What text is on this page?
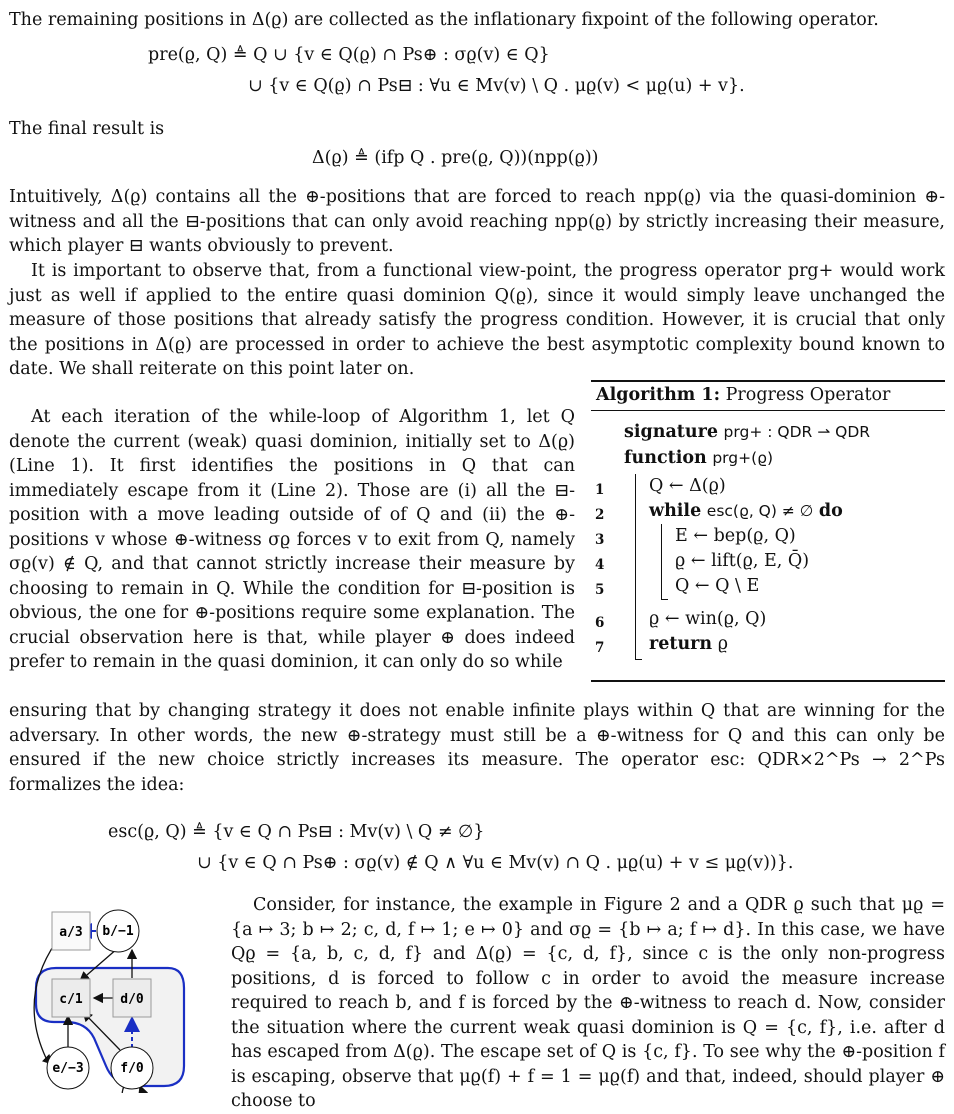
The remaining positions in Δ(ϱ) are collected as the inflationary fixpoint of the following operator.

pre(ϱ, Q) ≜ Q ∪ {v ∈ Q(ϱ) ∩ Ps⊕ : σϱ(v) ∈ Q}
∪ {v ∈ Q(ϱ) ∩ Ps⊟ : ∀u ∈ Mv(v) \ Q . μϱ(v) < μϱ(u) + v}.

The final result is

Δ(ϱ) ≜ (ifp Q . pre(ϱ, Q))(npp(ϱ))

Intuitively, Δ(ϱ) contains all the ⊕-positions that are forced to reach npp(ϱ) via the quasi-dominion ⊕-witness and all the ⊟-positions that can only avoid reaching npp(ϱ) by strictly increasing their measure, which player ⊟ wants obviously to prevent.

It is important to observe that, from a functional view-point, the progress operator prg+ would work just as well if applied to the entire quasi dominion Q(ϱ), since it would simply leave unchanged the measure of those positions that already satisfy the progress condition. However, it is crucial that only the positions in Δ(ϱ) are processed in order to achieve the best asymptotic complexity bound known to date. We shall reiterate on this point later on.

At each iteration of the while-loop of Algorithm 1, let Q denote the current (weak) quasi dominion, initially set to Δ(ϱ) (Line 1). It first identifies the positions in Q that can immediately escape from it (Line 2). Those are (i) all the ⊟-position with a move leading outside of of Q and (ii) the ⊕-positions v whose ⊕-witness σϱ forces v to exit from Q, namely σϱ(v) ∉ Q, and that cannot strictly increase their measure by choosing to remain in Q. While the condition for ⊟-position is obvious, the one for ⊕-positions require some explanation. The crucial observation here is that, while player ⊕ does indeed prefer to remain in the quasi dominion, it can only do so while

Algorithm 1: Progress Operator
signature prg+ : QDR ⇀ QDR
function prg+(ϱ)
1	Q ← Δ(ϱ)
2	while esc(ϱ, Q) ≠ ∅ do
3	E ← bep(ϱ, Q)
4	ϱ ← lift(ϱ, E, Q̄)
5	Q ← Q \ E
6	ϱ ← win(ϱ, Q)
7	return ϱ

ensuring that by changing strategy it does not enable infinite plays within Q that are winning for the adversary. In other words, the new ⊕-strategy must still be a ⊕-witness for Q and this can only be ensured if the new choice strictly increases its measure. The operator esc: QDR×2^Ps → 2^Ps formalizes the idea:

esc(ϱ, Q) ≜ {v ∈ Q ∩ Ps⊟ : Mv(v) \ Q ≠ ∅}
∪ {v ∈ Q ∩ Ps⊕ : σϱ(v) ∉ Q ∧ ∀u ∈ Mv(v) ∩ Q . μϱ(u) + v ≤ μϱ(v))}.
a/3 b/−1
c/1	d/0
e/−3	f/0

Consider, for instance, the example in Figure 2 and a QDR ϱ such that μϱ = {a ↦ 3; b ↦ 2; c, d, f ↦ 1; e ↦ 0} and σϱ = {b ↦ a; f ↦ d}. In this case, we have Qϱ = {a, b, c, d, f} and Δ(ϱ) = {c, d, f}, since c is the only non-progress positions, d is forced to follow c in order to avoid the measure increase required to reach b, and f is forced by the ⊕-witness to reach d. Now, consider the situation where the current weak quasi dominion is Q = {c, f}, i.e. after d has escaped from Δ(ϱ). The escape set of Q is {c, f}. To see why the ⊕-position f is escaping, observe that μϱ(f) + f = 1 = μϱ(f) and that, indeed, should player ⊕ choose to
